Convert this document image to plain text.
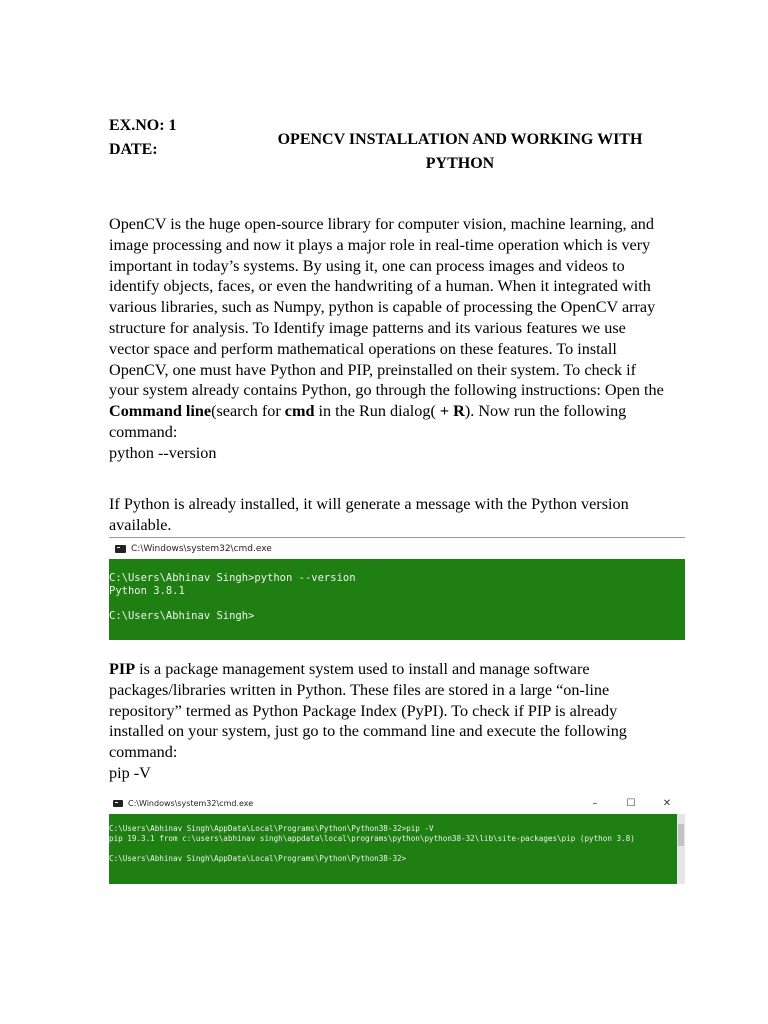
EX.NO: 1
DATE:
OPENCV INSTALLATION AND WORKING WITH
PYTHON

OpenCV is the huge open-source library for computer vision, machine learning, and image processing and now it plays a major role in real-time operation which is very important in today’s systems. By using it, one can process images and videos to identify objects, faces, or even the handwriting of a human. When it integrated with various libraries, such as Numpy, python is capable of processing the OpenCV array structure for analysis. To Identify image patterns and its various features we use vector space and perform mathematical operations on these features. To install OpenCV, one must have Python and PIP, preinstalled on their system. To check if your system already contains Python, go through the following instructions: Open the Command line(search for cmd in the Run dialog( + R). Now run the following command:
python --version

If Python is already installed, it will generate a message with the Python version available.

C:\Windows\system32\cmd.exe
C:\Users\Abhinav Singh>python --version
Python 3.8.1

C:\Users\Abhinav Singh>

PIP is a package management system used to install and manage software packages/libraries written in Python. These files are stored in a large “on-line repository” termed as Python Package Index (PyPI). To check if PIP is already installed on your system, just go to the command line and execute the following command:
pip -V

C:\Windows\system32\cmd.exe	–	☐	✕
C:\Users\Abhinav Singh\AppData\Local\Programs\Python\Python38-32>pip -V
pip 19.3.1 from c:\users\abhinav singh\appdata\local\programs\python\python38-32\lib\site-packages\pip (python 3.8)

C:\Users\Abhinav Singh\AppData\Local\Programs\Python\Python38-32>
